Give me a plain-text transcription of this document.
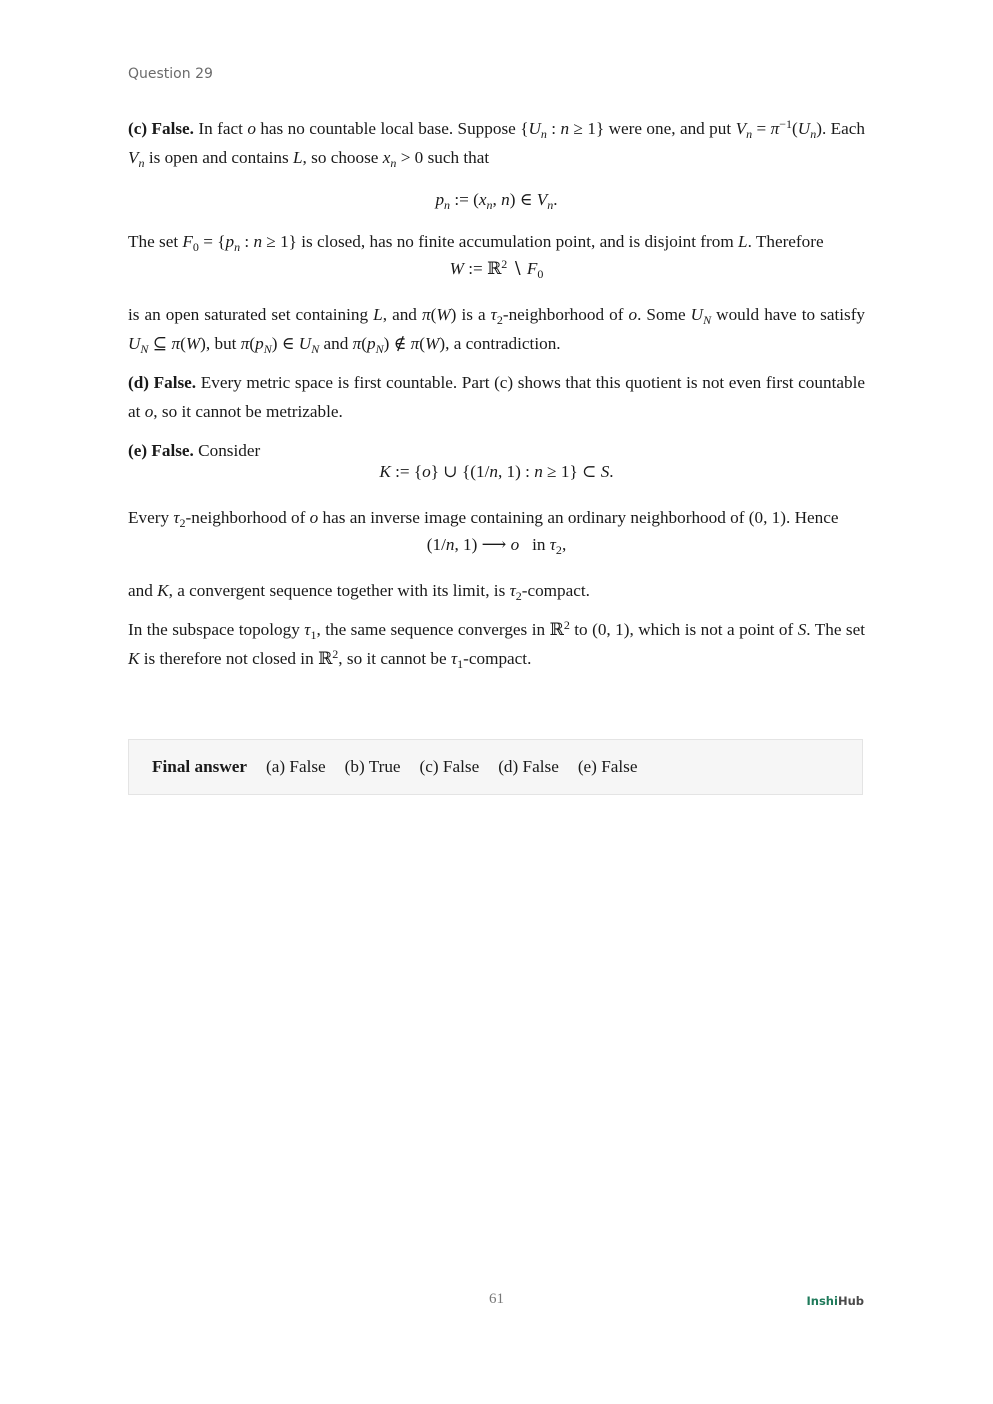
Question 29

(c) False. In fact o has no countable local base. Suppose {$U_n$ : n ≥ 1} were one, and put $V_n = \pi^{-1}(U_n)$. Each $V_n$ is open and contains L, so choose $x_n > 0$ such that

$p_n$ := ($x_n$, n) ∈ $V_n$.

The set $F_0 = \{p_n$ : n ≥ 1} is closed, has no finite accumulation point, and is disjoint from L. Therefore

W := ℝ$^2$ ∖ $F_0$

is an open saturated set containing L, and π(W) is a $\tau_2$-neighborhood of o. Some $U_N$ would have to satisfy $U_N$ ⊆ π(W), but $\pi(p_N)$ ∈ $U_N$ and $\pi(p_N)$ ∉ π(W), a contradiction.

(d) False. Every metric space is first countable. Part (c) shows that this quotient is not even first countable at o, so it cannot be metrizable.

(e) False. Consider

K := {o} ∪ {(1/n, 1) : n ≥ 1} ⊂ S.

Every $\tau_2$-neighborhood of o has an inverse image containing an ordinary neighborhood of (0, 1). Hence

(1/n, 1) ⟶ o in $\tau_2$,

and K, a convergent sequence together with its limit, is $\tau_2$-compact.

In the subspace topology $\tau_1$, the same sequence converges in ℝ$^2$ to (0, 1), which is not a point of S. The set K is therefore not closed in ℝ$^2$, so it cannot be $\tau_1$-compact.

Final answer (a) False (b) True (c) False (d) False (e) False
61	InshiHub
